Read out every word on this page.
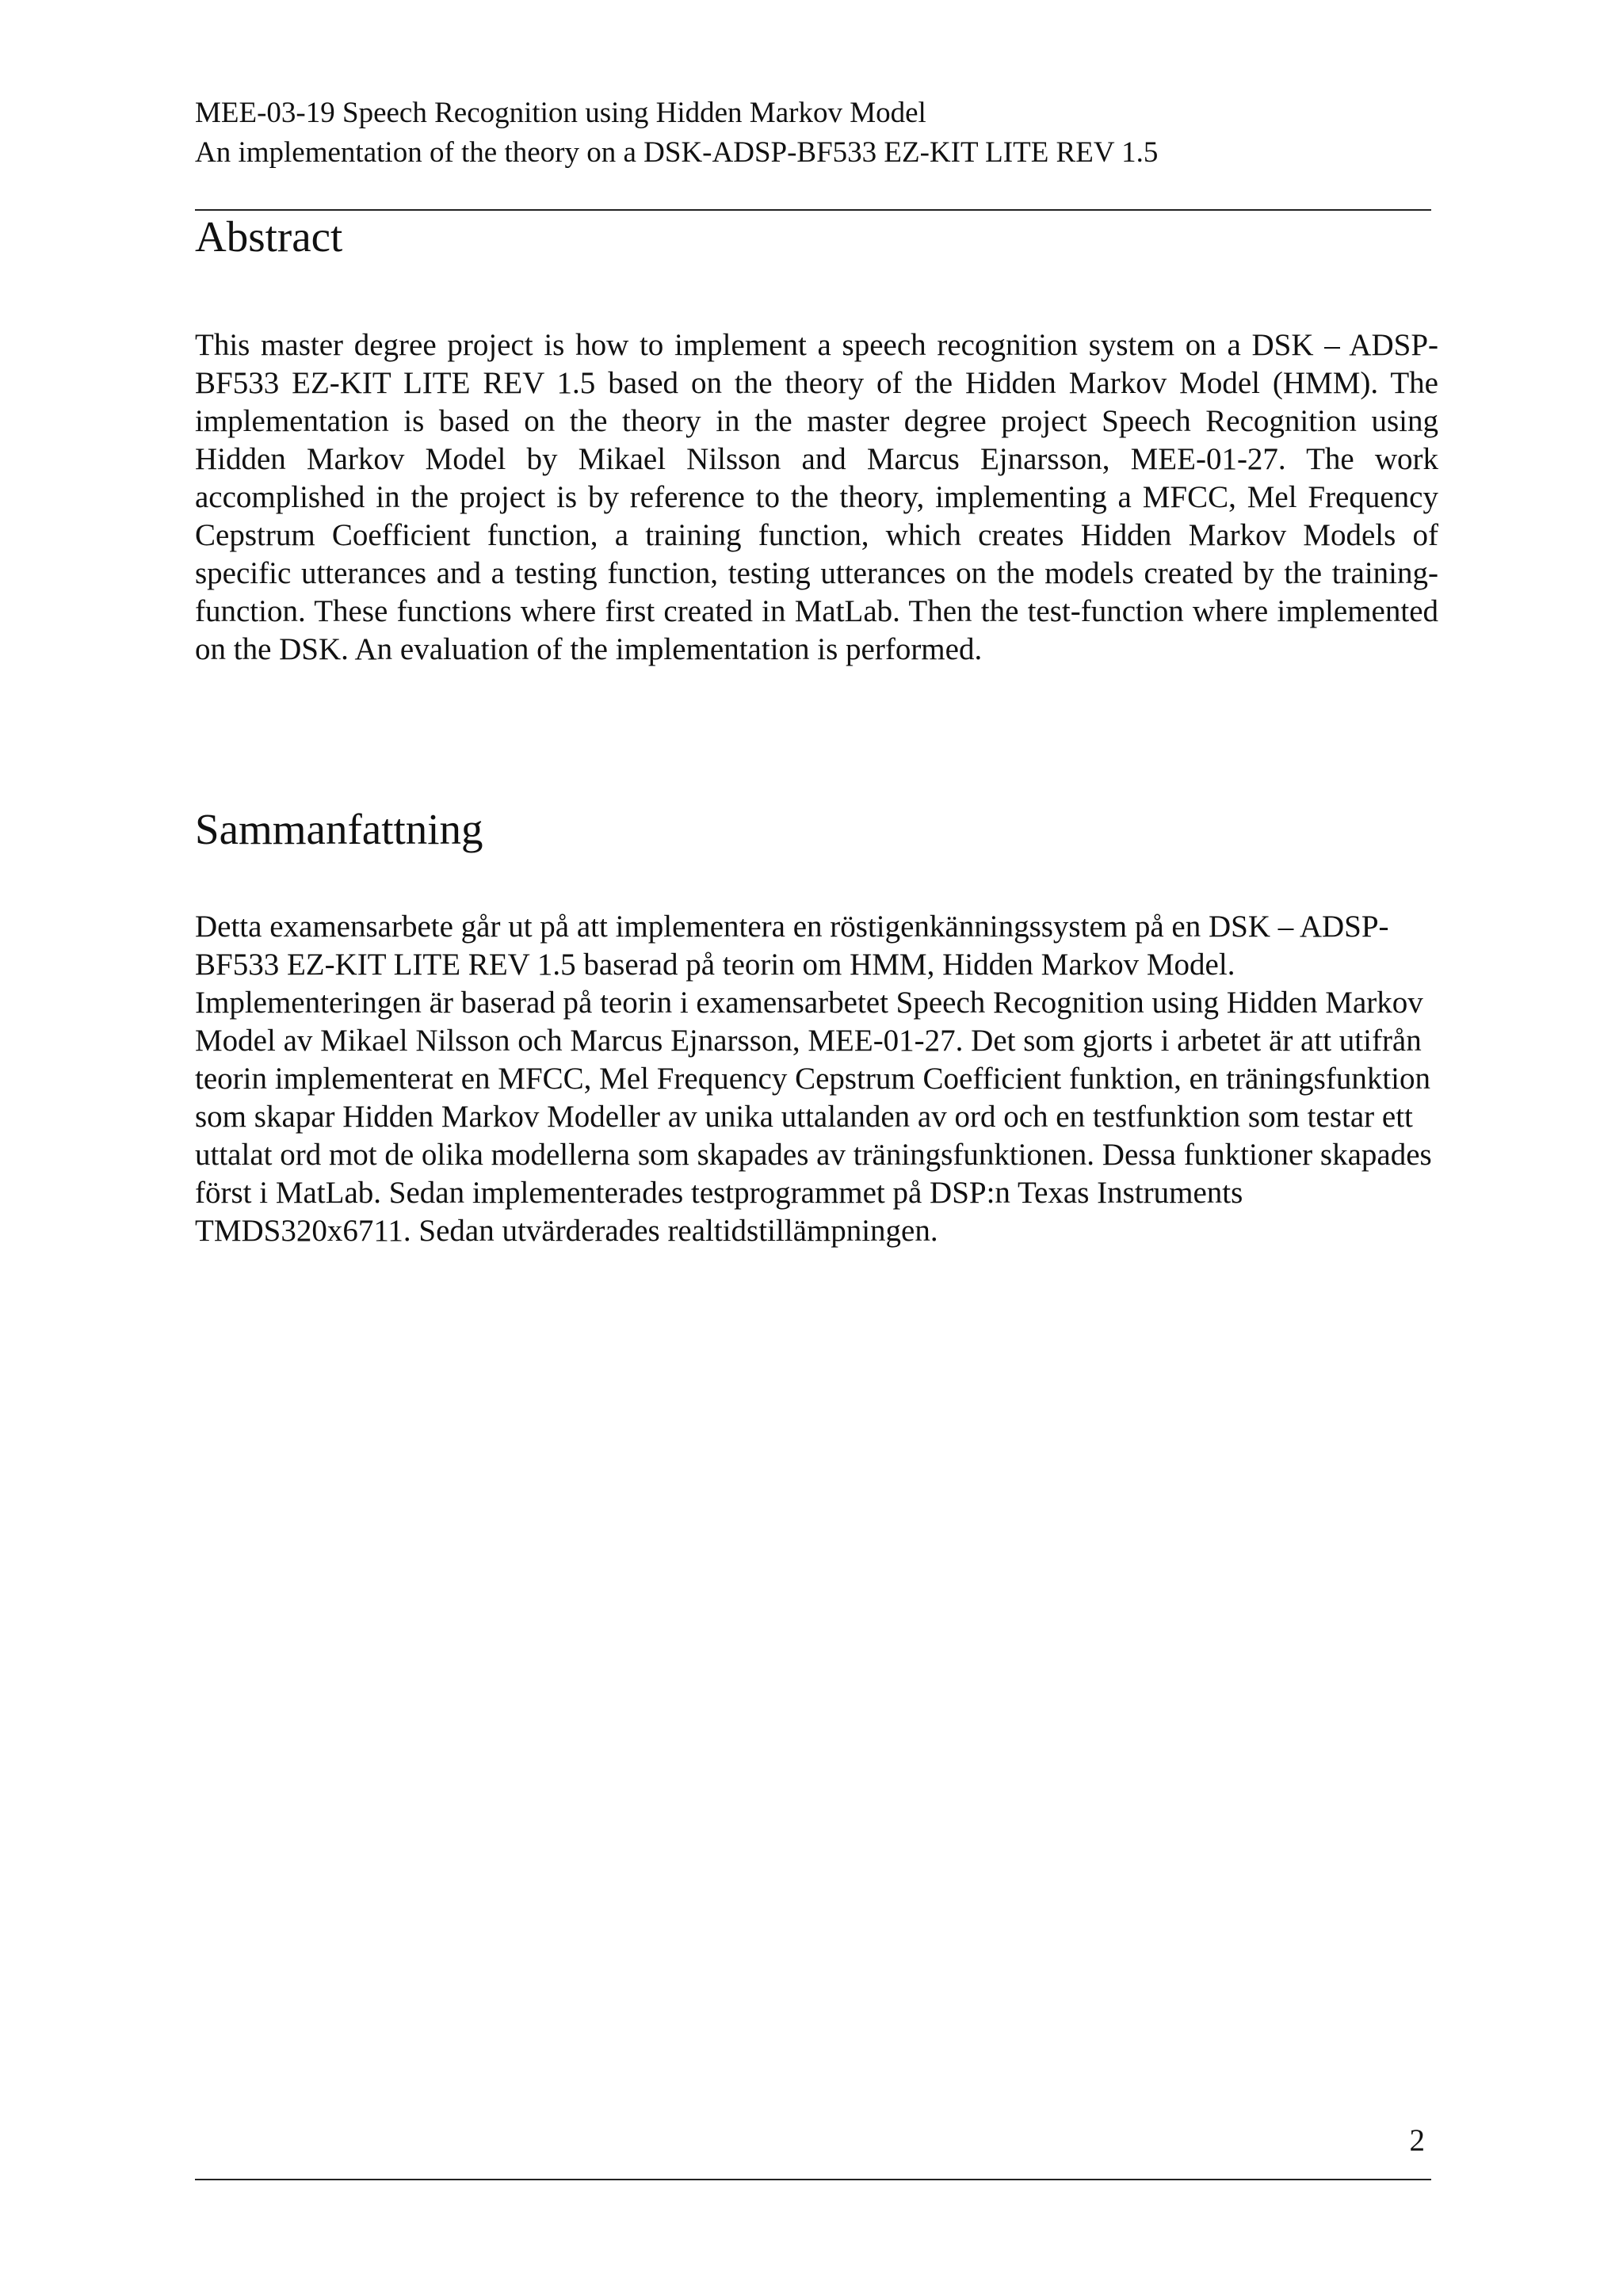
MEE-03-19 Speech Recognition using Hidden Markov Model
An implementation of the theory on a DSK-ADSP-BF533 EZ-KIT LITE REV 1.5
Abstract

This master degree project is how to implement a speech recognition system on a DSK – ADSP-BF533 EZ-KIT LITE REV 1.5 based on the theory of the Hidden Markov Model (HMM). The implementation is based on the theory in the master degree project Speech Recognition using Hidden Markov Model by Mikael Nilsson and Marcus Ejnarsson, MEE-01-27. The work accomplished in the project is by reference to the theory, implementing a MFCC, Mel Frequency Cepstrum Coefficient function, a training function, which creates Hidden Markov Models of specific utterances and a testing function, testing utterances on the models created by the training-function. These functions where first created in MatLab. Then the test-function where implemented on the DSK. An evaluation of the implementation is performed.

Sammanfattning

Detta examensarbete går ut på att implementera en röstigenkänningssystem på en DSK – ADSP-BF533 EZ-KIT LITE REV 1.5 baserad på teorin om HMM, Hidden Markov Model. Implementeringen är baserad på teorin i examensarbetet Speech Recognition using Hidden Markov Model av Mikael Nilsson och Marcus Ejnarsson, MEE-01-27. Det som gjorts i arbetet är att utifrån teorin implementerat en MFCC, Mel Frequency Cepstrum Coefficient funktion, en träningsfunktion som skapar Hidden Markov Modeller av unika uttalanden av ord och en testfunktion som testar ett uttalat ord mot de olika modellerna som skapades av träningsfunktionen. Dessa funktioner skapades först i MatLab. Sedan implementerades testprogrammet på DSP:n Texas Instruments TMDS320x6711. Sedan utvärderades realtidstillämpningen.

2
